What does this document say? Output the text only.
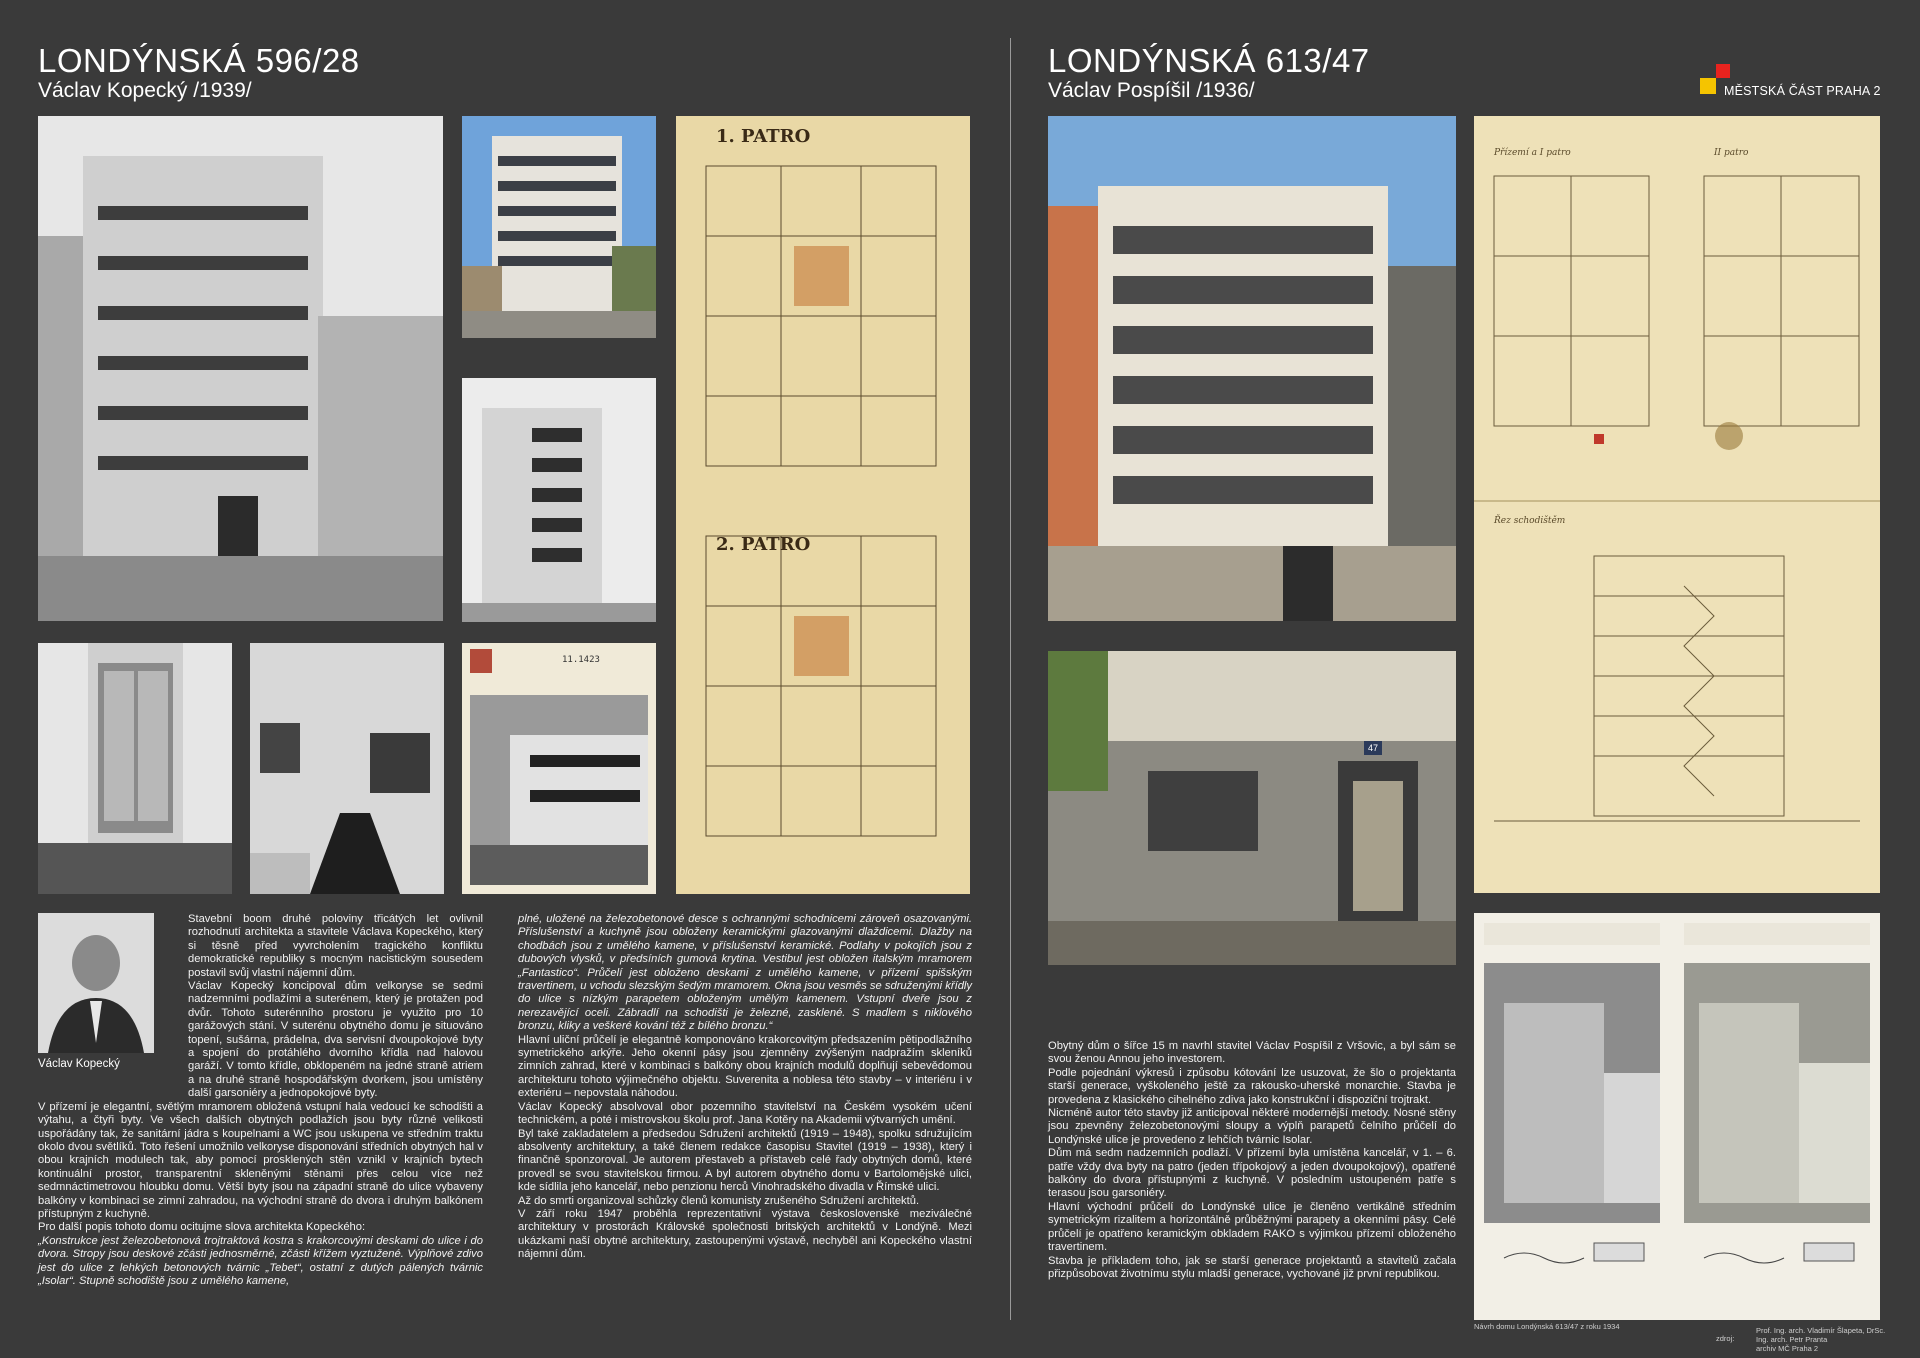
LONDÝNSKÁ 596/28
Václav Kopecký /1939/
1. PATRO
2. PATRO
11.1423
Václav Kopecký

Stavební boom druhé poloviny třicátých let ovlivnil rozhodnutí architekta a stavitele Václava Kopeckého, který si těsně před vyvrcholením tragického konfliktu demokratické republiky s mocným nacistickým sousedem postavil svůj vlastní nájemní dům.

Václav Kopecký koncipoval dům velkoryse se sedmi nadzemními podlažími a suterénem, který je protažen pod dvůr. Tohoto suterénního prostoru je využito pro 10 garážových stání. V suterénu obytného domu je situováno topení, sušárna, prádelna, dva servisní dvoupokojové byty a spojení do protáhlého dvorního křídla nad halovou garáží. V tomto křídle, obklopeném na jedné straně atriem a na druhé straně hospodářským dvorkem, jsou umístěny další garsoniéry a jednopokojové byty.

V přízemí je elegantní, světlým mramorem obložená vstupní hala vedoucí ke schodišti a výtahu, a čtyři byty. Ve všech dalších obytných podlažích jsou byty různé velikosti uspořádány tak, že sanitární jádra s koupelnami a WC jsou uskupena ve středním traktu okolo dvou světlíků. Toto řešení umožnilo velkoryse disponování středních obytných hal v obou krajních modulech tak, aby pomocí prosklených stěn vznikl v krajních bytech kontinuální prostor, transparentní skleněnými stěnami přes celou více než sedmnáctimetrovou hloubku domu. Větší byty jsou na západní straně do ulice vybaveny balkóny v kombinaci se zimní zahradou, na východní straně do dvora i druhým balkónem přístupným z kuchyně.

Pro další popis tohoto domu ocitujme slova architekta Kopeckého:

„Konstrukce jest železobetonová trojtraktová kostra s krakorcovými deskami do ulice i do dvora. Stropy jsou deskové zčásti jednosměrné, zčásti křížem vyztužené. Výplňové zdivo jest do ulice z lehkých betonových tvárnic „Tebet“, ostatní z dutých pálených tvárnic „Isolar“. Stupně schodiště jsou z umělého kamene,

plné, uložené na železobetonové desce s ochrannými schodnicemi zároveň osazovanými. Příslušenství a kuchyně jsou obloženy keramickými glazovanými dlaždicemi. Dlažby na chodbách jsou z umělého kamene, v příslušenství keramické. Podlahy v pokojích jsou z dubových vlysků, v předsíních gumová krytina. Vestibul jest obložen italským mramorem „Fantastico“. Průčelí jest obloženo deskami z umělého kamene, v přízemí spišským travertinem, u vchodu slezským šedým mramorem. Okna jsou vesměs se sdruženými křídly do ulice s nízkým parapetem obloženým umělým kamenem. Vstupní dveře jsou z nerezavějící oceli. Zábradlí na schodišti je železné, zasklené. S madlem s niklového bronzu, kliky a veškeré kování též z bílého bronzu.“

Hlavní uliční průčelí je elegantně komponováno krakorcovitým předsazením pětipodlažního symetrického arkýře. Jeho okenní pásy jsou zjemněny zvýšeným nadpražím skleníků zimních zahrad, které v kombinaci s balkóny obou krajních modulů doplňují sebevědomou architekturu tohoto výjimečného objektu. Suverenita a noblesa této stavby – v interiéru i v exteriéru – nepovstala náhodou.

Václav Kopecký absolvoval obor pozemního stavitelství na Českém vysokém učení technickém, a poté i mistrovskou školu prof. Jana Kotěry na Akademii výtvarných umění.

Byl také zakladatelem a předsedou Sdružení architektů (1919 – 1948), spolku sdružujícím absolventy architektury, a také členem redakce časopisu Stavitel (1919 – 1938), který i finančně sponzoroval. Je autorem přestaveb a přístaveb celé řady obytných domů, které provedl se svou stavitelskou firmou. A byl autorem obytného domu v Bartolomějské ulici, kde sídlila jeho kancelář, nebo penzionu herců Vinohradského divadla v Římské ulici.

Až do smrti organizoval schůzky členů komunisty zrušeného Sdružení architektů.

V září roku 1947 proběhla reprezentativní výstava československé meziválečné architektury v prostorách Královské společnosti britských architektů v Londýně. Mezi ukázkami naší obytné architektury, zastoupenými výstavě, nechyběl ani Kopeckého vlastní nájemní dům.

LONDÝNSKÁ 613/47
Václav Pospíšil /1936/	MĚSTSKÁ ČÁST PRAHA 2
47
Přízemí a I patro	II patro
Řez schodištěm

Obytný dům o šířce 15 m navrhl stavitel Václav Pospíšil z Vršovic, a byl sám se svou ženou Annou jeho investorem.

Podle pojednání výkresů i způsobu kótování lze usuzovat, že šlo o projektanta starší generace, vyškoleného ještě za rakousko-uherské monarchie. Stavba je provedena z klasického cihelného zdiva jako konstrukční i dispoziční trojtrakt.

Nicméně autor této stavby již anticipoval některé modernější metody. Nosné stěny jsou zpevněny železobetonovými sloupy a výplň parapetů čelního průčelí do Londýnské ulice je provedeno z lehčích tvárnic Isolar.

Dům má sedm nadzemních podlaží. V přízemí byla umístěna kancelář, v 1. – 6. patře vždy dva byty na patro (jeden třípokojový a jeden dvoupokojový), opatřené balkóny do dvora přístupnými z kuchyně. V posledním ustoupeném patře s terasou jsou garsoniéry.

Hlavní východní průčelí do Londýnské ulice je členěno vertikálně středním symetrickým rizalitem a horizontálně průběžnými parapety a okenními pásy. Celé průčelí je opatřeno keramickým obkladem RAKO s výjimkou přízemí obloženého travertinem.

Stavba je příkladem toho, jak se starší generace projektantů a stavitelů začala přizpůsobovat životnímu stylu mladší generace, vychované již první republikou.

Návrh domu Londýnská 613/47 z roku 1934
zdroj:
Prof. Ing. arch. Vladimír Šlapeta, DrSc.
Ing. arch. Petr Pranta
archiv MČ Praha 2
